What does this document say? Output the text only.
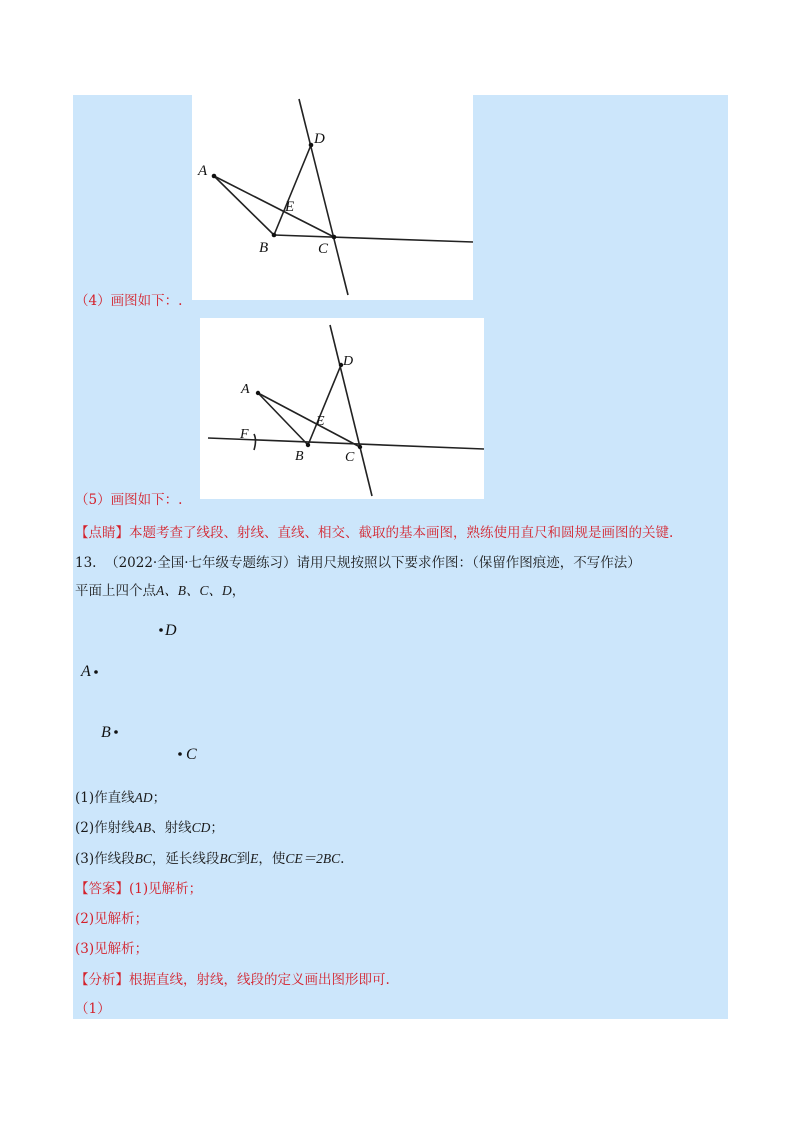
A
B	C
D
E
（4）画图如下：.
A
B	C
D
E
F
（5）画图如下：.
【点睛】本题考查了线段、射线、直线、相交、截取的基本画图，熟练使用直尺和圆规是画图的关键.
13. （2022·全国·七年级专题练习）请用尺规按照以下要求作图：（保留作图痕迹，不写作法）
平面上四个点A、B、C、D，
D
A
B
C
(1)作直线AD；
(2)作射线AB、射线CD；
(3)作线段BC，延长线段BC到E，使CE＝2BC.
【答案】(1)见解析；
(2)见解析；
(3)见解析；
【分析】根据直线，射线，线段的定义画出图形即可.
（1）
